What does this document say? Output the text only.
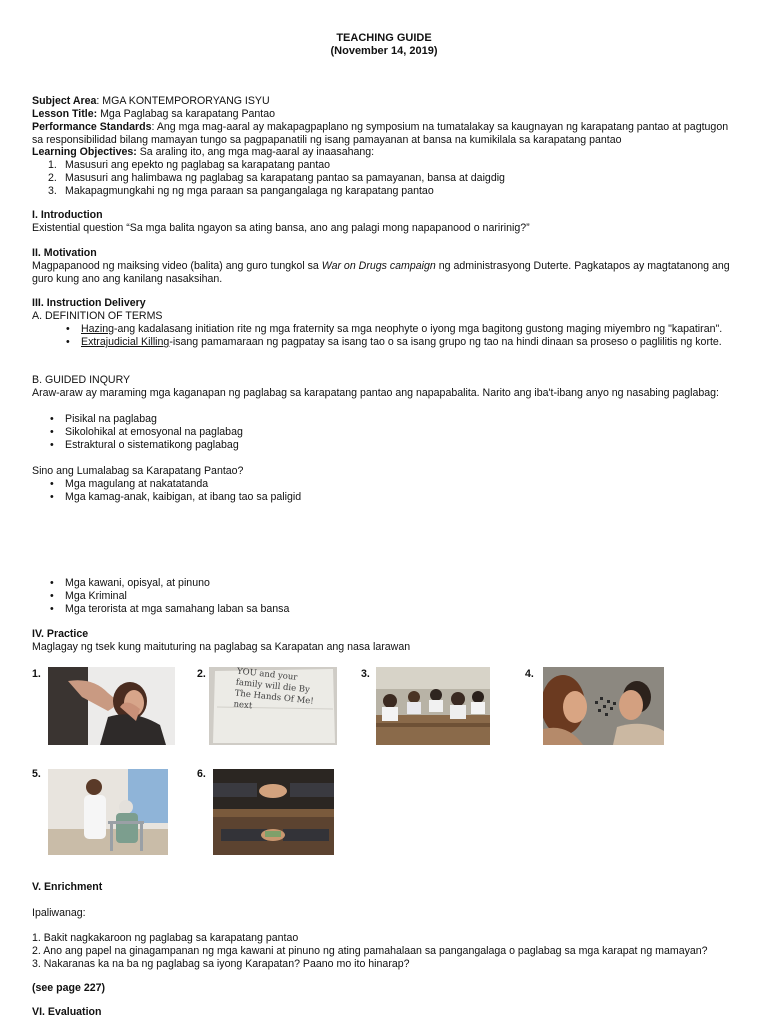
TEACHING GUIDE
(November 14, 2019)
Subject Area: MGA KONTEMPORORYANG ISYU
Lesson Title: Mga Paglabag sa karapatang Pantao
Performance Standards: Ang mga mag-aaral ay makapagpaplano ng symposium na tumatalakay sa kaugnayan ng karapatang pantao at pagtugon sa responsibilidad bilang mamayan tungo sa pagpapanatili ng isang pamayanan at bansa na kumikilala sa karapatang pantao
Learning Objectives: Sa araling ito, ang mga mag-aaral ay inaasahang:
1. Masusuri ang epekto ng paglabag sa karapatang pantao
2. Masusuri ang halimbawa ng paglabag sa karapatang pantao sa pamayanan, bansa at daigdig
3. Makapagmungkahi ng ng mga paraan sa pangangalaga ng karapatang pantao
I. Introduction
Existential question “Sa mga balita ngayon sa ating bansa, ano ang palagi mong napapanood o naririnig?”
II. Motivation
Magpapanood ng maiksing video (balita) ang guro tungkol sa War on Drugs campaign ng administrasyong Duterte. Pagkatapos ay magtatanong ang guro kung ano ang kanilang nasaksihan.
III. Instruction Delivery
A. DEFINITION OF TERMS
• Hazing-ang kadalasang initiation rite ng mga fraternity sa mga neophyte o iyong mga bagitong gustong maging miyembro ng "kapatiran".
• Extrajudicial Killing-isang pamamaraan ng pagpatay sa isang tao o sa isang grupo ng tao na hindi dinaan sa proseso o paglilitis ng korte.
B. GUIDED INQURY
Araw-araw ay maraming mga kaganapan ng paglabag sa karapatang pantao ang napapabalita. Narito ang iba't-ibang anyo ng nasabing paglabag:
• Pisikal na paglabag
• Sikolohikal at emosyonal na paglabag
• Estraktural o sistematikong paglabag
Sino ang Lumalabag sa Karapatang Pantao?
• Mga magulang at nakatatanda
• Mga kamag-anak, kaibigan, at ibang tao sa paligid
• Mga kawani, opisyal, at pinuno
• Mga Kriminal
• Mga terorista at mga samahang laban sa bansa
IV. Practice
Maglagay ng tsek kung maituturing na paglabag sa Karapatan ang nasa larawan
1.	2.	YOU and your family will die By The Hands Of Me! next
3.	4.
5.	6.
V. Enrichment
Ipaliwanag:
1. Bakit nagkakaroon ng paglabag sa karapatang pantao
2. Ano ang papel na ginagampanan ng mga kawani at pinuno ng ating pamahalaan sa pangangalaga o paglabag sa mga karapat ng mamayan?
3. Nakaranas ka na ba ng paglabag sa iyong Karapatan? Paano mo ito hinarap?
(see page 227)
VI. Evaluation
